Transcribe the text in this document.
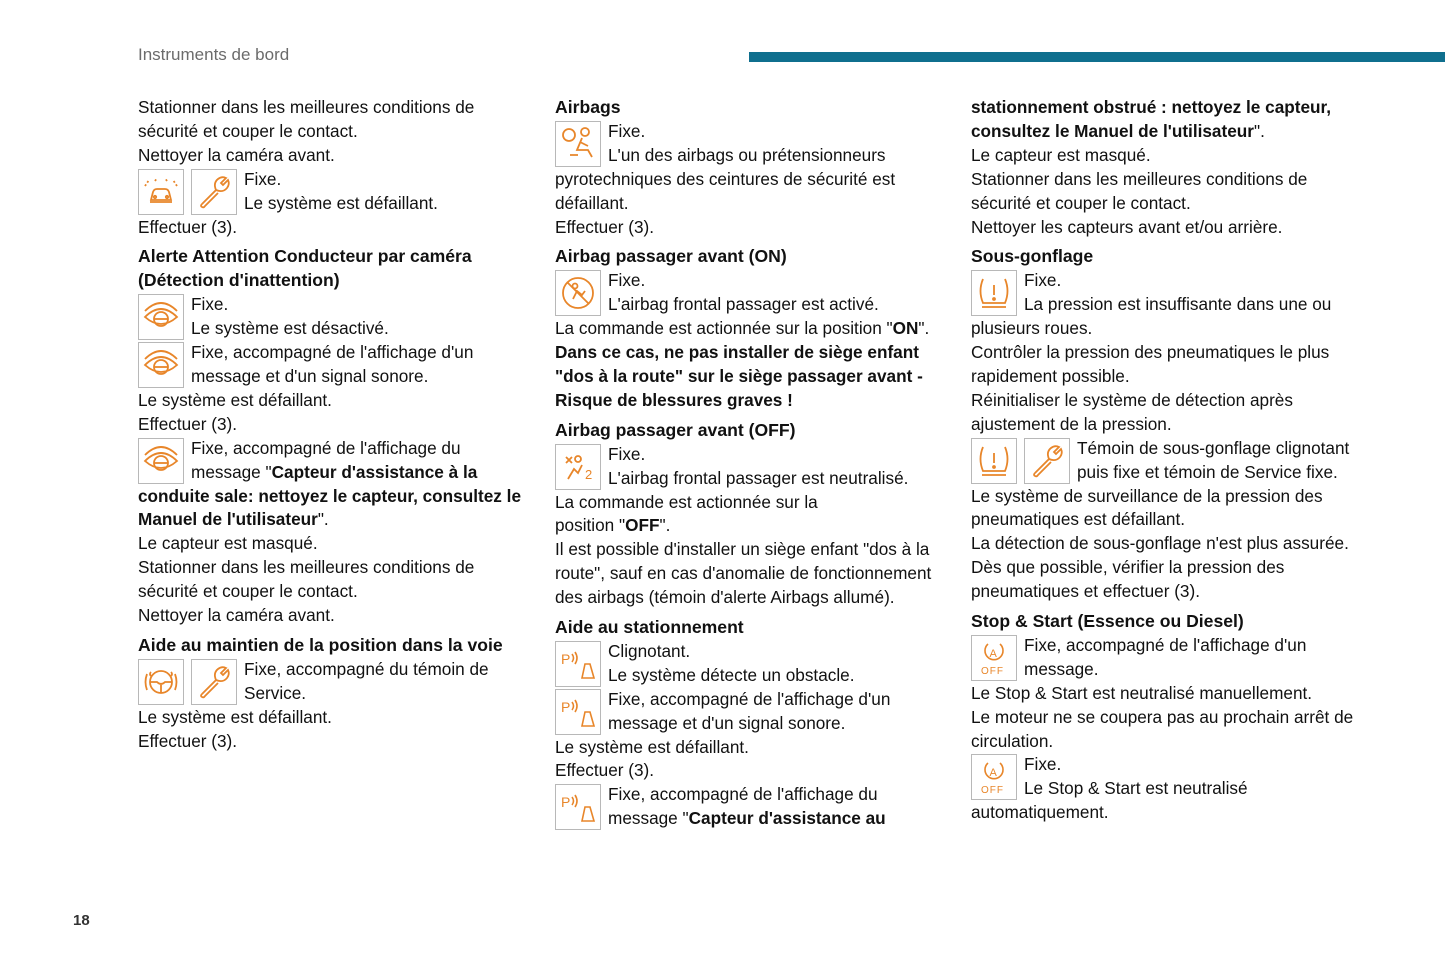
Instruments de bord

Stationner dans les meilleures conditions de sécurité et couper le contact.

Nettoyer la caméra avant.

Fixe.

Le système est défaillant.

Effectuer (3).

Alerte Attention Conducteur par caméra (Détection d'inattention)

Fixe.

Le système est désactivé.

Fixe, accompagné de l'affichage d'un message et d'un signal sonore.

Le système est défaillant.

Effectuer (3).

Fixe, accompagné de l'affichage du message "Capteur d'assistance à la conduite sale: nettoyez le capteur, consultez le Manuel de l'utilisateur".

Le capteur est masqué.

Stationner dans les meilleures conditions de sécurité et couper le contact.

Nettoyer la caméra avant.

Aide au maintien de la position dans la voie

Fixe, accompagné du témoin de Service.

Le système est défaillant.

Effectuer (3).

Airbags

Fixe.

L'un des airbags ou prétensionneurs pyrotechniques des ceintures de sécurité est défaillant.

Effectuer (3).

Airbag passager avant (ON)

Fixe.

L'airbag frontal passager est activé.

La commande est actionnée sur la position "ON".

Dans ce cas, ne pas installer de siège enfant "dos à la route" sur le siège passager avant - Risque de blessures graves !

Airbag passager avant (OFF)
2

Fixe.

L'airbag frontal passager est neutralisé.

La commande est actionnée sur la

position "OFF".

Il est possible d'installer un siège enfant "dos à la route", sauf en cas d'anomalie de fonctionnement des airbags (témoin d'alerte Airbags allumé).

Aide au stationnement
P Clignotant.

Le système détecte un obstacle.

P Fixe, accompagné de l'affichage d'un message et d'un signal sonore.

Le système est défaillant.

Effectuer (3).

P Fixe, accompagné de l'affichage du message "Capteur d'assistance au

stationnement obstrué : nettoyez le capteur, consultez le Manuel de l'utilisateur".

Le capteur est masqué.

Stationner dans les meilleures conditions de sécurité et couper le contact.

Nettoyer les capteurs avant et/ou arrière.

Sous-gonflage

Fixe.

La pression est insuffisante dans une ou plusieurs roues.

Contrôler la pression des pneumatiques le plus rapidement possible.

Réinitialiser le système de détection après ajustement de la pression.

Témoin de sous-gonflage clignotant puis fixe et témoin de Service fixe.

Le système de surveillance de la pression des pneumatiques est défaillant.

La détection de sous-gonflage n'est plus assurée.

Dès que possible, vérifier la pression des pneumatiques et effectuer (3).

Stop & Start (Essence ou Diesel)
A
OFF

Fixe, accompagné de l'affichage d'un message.

Le Stop & Start est neutralisé manuellement.

Le moteur ne se coupera pas au prochain arrêt de circulation.

A
OFF

Fixe.

Le Stop & Start est neutralisé automatiquement.

18
